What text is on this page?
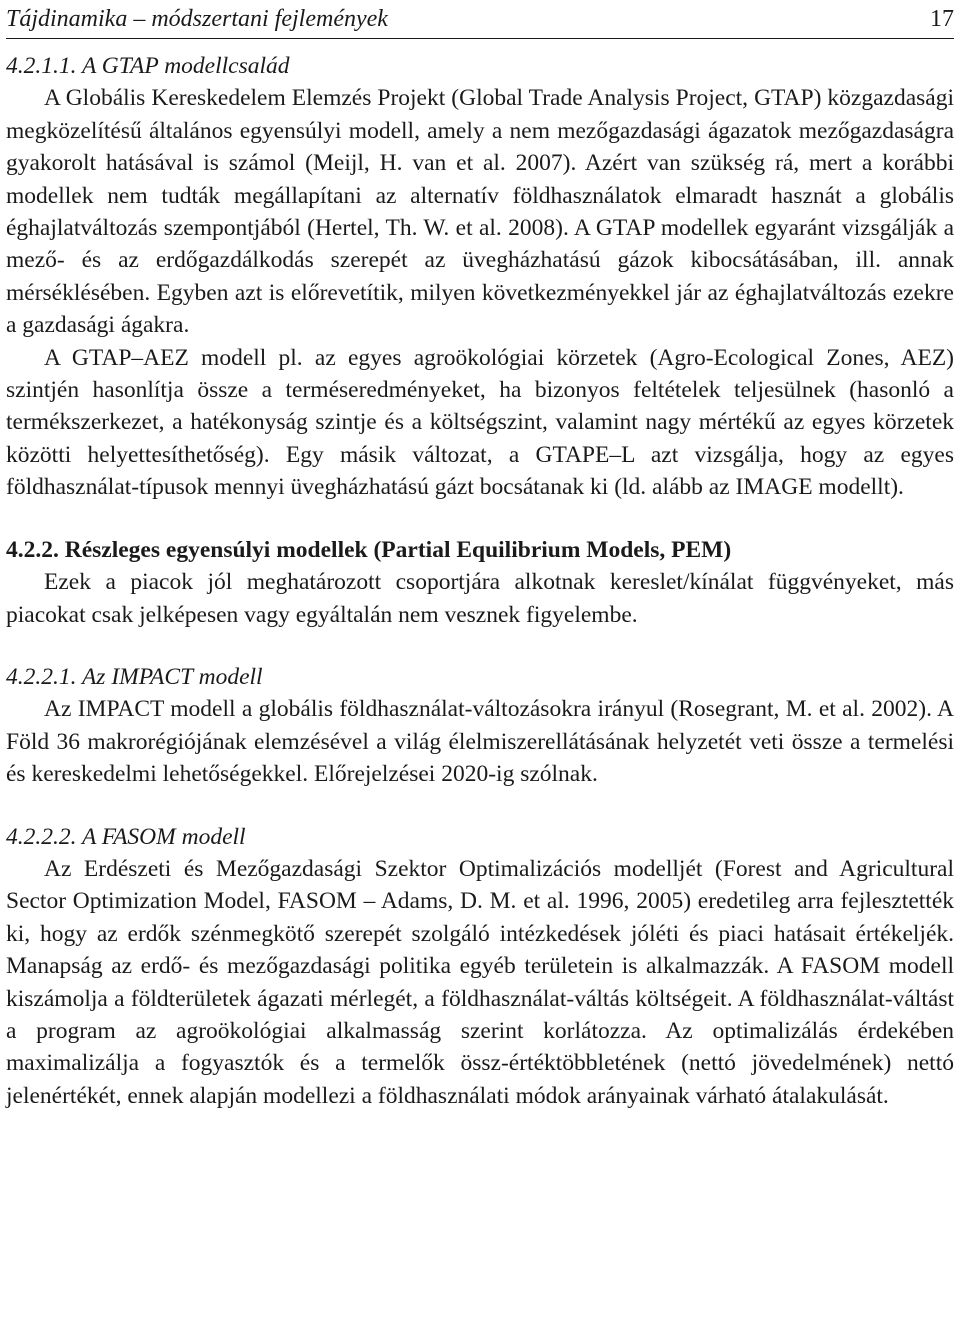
Tájdinamika – módszertani fejlemények	17
4.2.1.1. A GTAP modellcsalád

A Globális Kereskedelem Elemzés Projekt (Global Trade Analysis Project, GTAP) közgazdasági megközelítésű általános egyensúlyi modell, amely a nem mezőgazdasági ágazatok mezőgazdaságra gyakorolt hatásával is számol (Meijl, H. van et al. 2007). Azért van szükség rá, mert a korábbi modellek nem tudták megállapítani az alternatív földhasználatok elmaradt hasznát a globális éghajlatváltozás szempontjából (Hertel, Th. W. et al. 2008). A GTAP modellek egyaránt vizsgálják a mező- és az erdőgazdálkodás szerepét az üvegházhatású gázok kibocsátásában, ill. annak mérséklésében. Egyben azt is előrevetítik, milyen következményekkel jár az éghajlatváltozás ezekre a gazdasági ágakra.

A GTAP–AEZ modell pl. az egyes agroökológiai körzetek (Agro-Ecological Zones, AEZ) szintjén hasonlítja össze a terméseredményeket, ha bizonyos feltételek teljesülnek (hasonló a termékszerkezet, a hatékonyság szintje és a költségszint, valamint nagy mértékű az egyes körzetek közötti helyettesíthetőség). Egy másik változat, a GTAPE–L azt vizsgálja, hogy az egyes földhasználat-típusok mennyi üvegházhatású gázt bocsátanak ki (ld. alább az IMAGE modellt).

4.2.2. Részleges egyensúlyi modellek (Partial Equilibrium Models, PEM)

Ezek a piacok jól meghatározott csoportjára alkotnak kereslet/kínálat függvényeket, más piacokat csak jelképesen vagy egyáltalán nem vesznek figyelembe.

4.2.2.1. Az IMPACT modell

Az IMPACT modell a globális földhasználat-változásokra irányul (Rosegrant, M. et al. 2002). A Föld 36 makrorégiójának elemzésével a világ élelmiszerellátásának helyzetét veti össze a termelési és kereskedelmi lehetőségekkel. Előrejelzései 2020-ig szólnak.

4.2.2.2. A FASOM modell

Az Erdészeti és Mezőgazdasági Szektor Optimalizációs modelljét (Forest and Agricultural Sector Optimization Model, FASOM – Adams, D. M. et al. 1996, 2005) eredetileg arra fejlesztették ki, hogy az erdők szénmegkötő szerepét szolgáló intézkedések jóléti és piaci hatásait értékeljék. Manapság az erdő- és mezőgazdasági politika egyéb területein is alkalmazzák. A FASOM modell kiszámolja a földterületek ágazati mérlegét, a földhasználat-váltás költségeit. A földhasználat-váltást a program az agroökológiai alkalmasság szerint korlátozza. Az optimalizálás érdekében maximalizálja a fogyasztók és a termelők össz-értéktöbbletének (nettó jövedelmének) nettó jelenértékét, ennek alapján modellezi a földhasználati módok arányainak várható átalakulását.
